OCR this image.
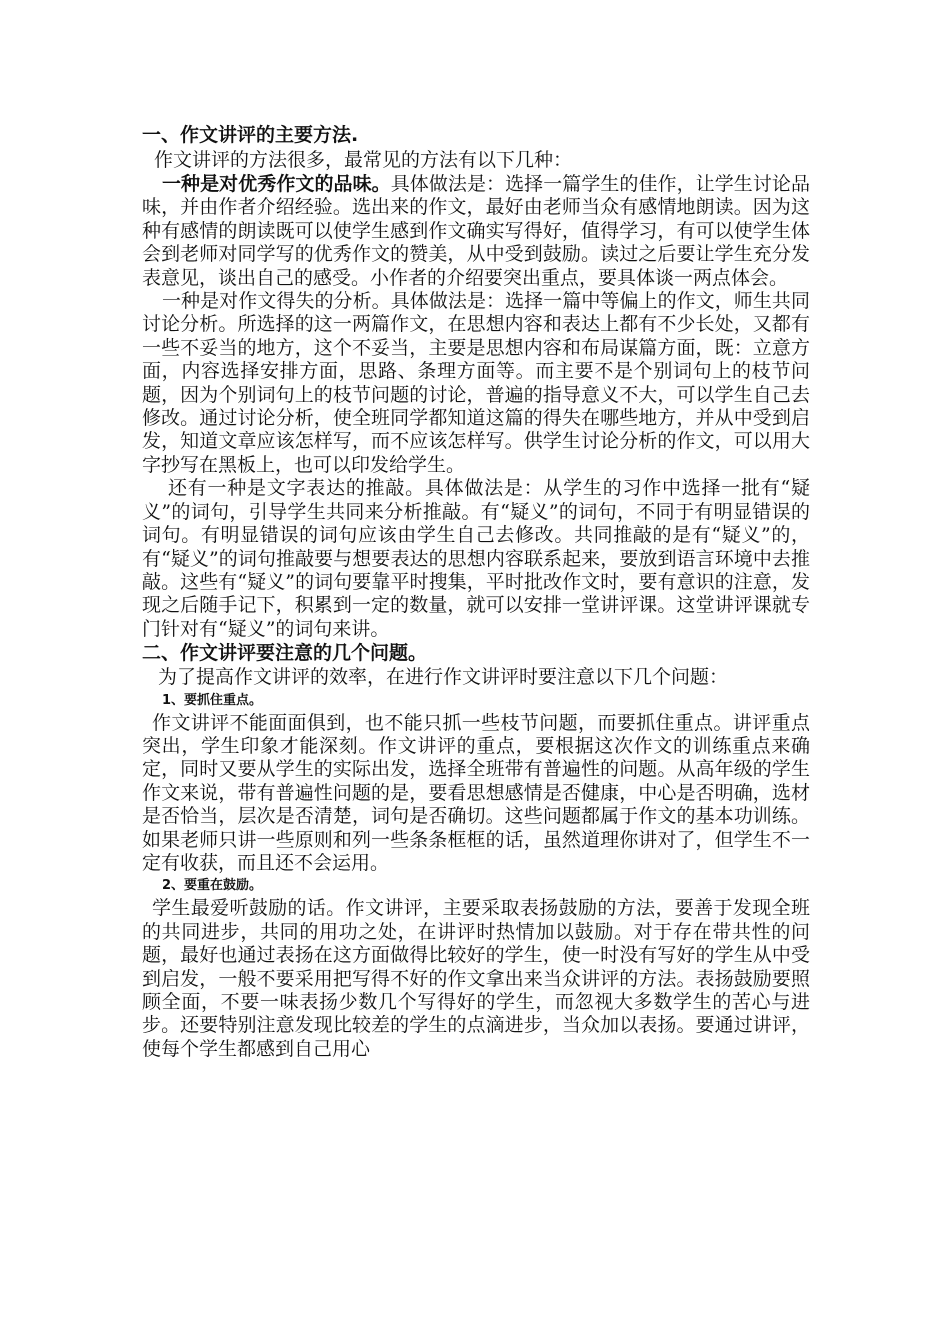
一、作文讲评的主要方法.

作文讲评的方法很多，最常见的方法有以下几种：

一种是对优秀作文的品味。具体做法是：选择一篇学生的佳作，让学生讨论品味，并由作者介绍经验。选出来的作文，最好由老师当众有感情地朗读。因为这种有感情的朗读既可以使学生感到作文确实写得好，值得学习，有可以使学生体会到老师对同学写的优秀作文的赞美，从中受到鼓励。读过之后要让学生充分发表意见，谈出自己的感受。小作者的介绍要突出重点，要具体谈一两点体会。

一种是对作文得失的分析。具体做法是：选择一篇中等偏上的作文，师生共同讨论分析。所选择的这一两篇作文，在思想内容和表达上都有不少长处，又都有一些不妥当的地方，这个不妥当，主要是思想内容和布局谋篇方面，既：立意方面，内容选择安排方面，思路、条理方面等。而主要不是个别词句上的枝节问题，因为个别词句上的枝节问题的讨论，普遍的指导意义不大，可以学生自己去修改。通过讨论分析，使全班同学都知道这篇的得失在哪些地方，并从中受到启发，知道文章应该怎样写，而不应该怎样写。供学生讨论分析的作文，可以用大字抄写在黑板上，也可以印发给学生。

还有一种是文字表达的推敲。具体做法是：从学生的习作中选择一批有“疑义”的词句，引导学生共同来分析推敲。有“疑义”的词句，不同于有明显错误的词句。有明显错误的词句应该由学生自己去修改。共同推敲的是有“疑义”的，有“疑义”的词句推敲要与想要表达的思想内容联系起来，要放到语言环境中去推敲。这些有“疑义”的词句要靠平时搜集，平时批改作文时，要有意识的注意，发现之后随手记下，积累到一定的数量，就可以安排一堂讲评课。这堂讲评课就专门针对有“疑义”的词句来讲。

二、作文讲评要注意的几个问题。

为了提高作文讲评的效率，在进行作文讲评时要注意以下几个问题：

1、要抓住重点。

作文讲评不能面面俱到，也不能只抓一些枝节问题，而要抓住重点。讲评重点突出，学生印象才能深刻。作文讲评的重点，要根据这次作文的训练重点来确定，同时又要从学生的实际出发，选择全班带有普遍性的问题。从高年级的学生作文来说，带有普遍性问题的是，要看思想感情是否健康，中心是否明确，选材是否恰当，层次是否清楚，词句是否确切。这些问题都属于作文的基本功训练。如果老师只讲一些原则和列一些条条框框的话，虽然道理你讲对了，但学生不一定有收获，而且还不会运用。

2、要重在鼓励。

学生最爱听鼓励的话。作文讲评，主要采取表扬鼓励的方法，要善于发现全班的共同进步，共同的用功之处，在讲评时热情加以鼓励。对于存在带共性的问题，最好也通过表扬在这方面做得比较好的学生，使一时没有写好的学生从中受到启发，一般不要采用把写得不好的作文拿出来当众讲评的方法。表扬鼓励要照顾全面，不要一味表扬少数几个写得好的学生，而忽视大多数学生的苦心与进步。还要特别注意发现比较差的学生的点滴进步，当众加以表扬。要通过讲评，使每个学生都感到自己用心
